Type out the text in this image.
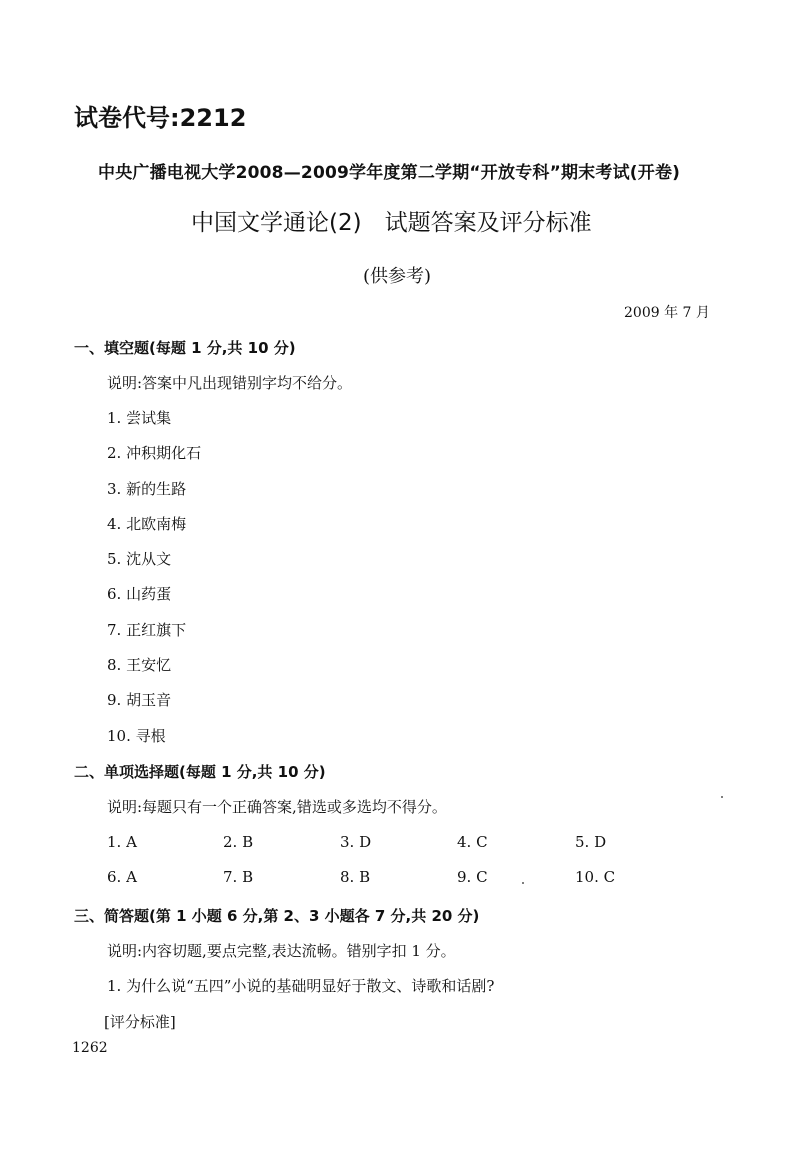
试卷代号:2212
中央广播电视大学2008—2009学年度第二学期“开放专科”期末考试(开卷)
中国文学通论(2)　试题答案及评分标准
(供参考)
2009 年 7 月
一、填空题(每题 1 分,共 10 分)
说明:答案中凡出现错别字均不给分。
1. 尝试集
2. 冲积期化石
3. 新的生路
4. 北欧南梅
5. 沈从文
6. 山药蛋
7. 正红旗下
8. 王安忆
9. 胡玉音
10. 寻根
二、单项选择题(每题 1 分,共 10 分)
说明:每题只有一个正确答案,错选或多选均不得分。
1. A	2. B	3. D	4. C	5. D
6. A	7. B	8. B	9. C	10. C
三、简答题(第 1 小题 6 分,第 2、3 小题各 7 分,共 20 分)
说明:内容切题,要点完整,表达流畅。错别字扣 1 分。
1. 为什么说“五四”小说的基础明显好于散文、诗歌和话剧?
[评分标准]
1262
